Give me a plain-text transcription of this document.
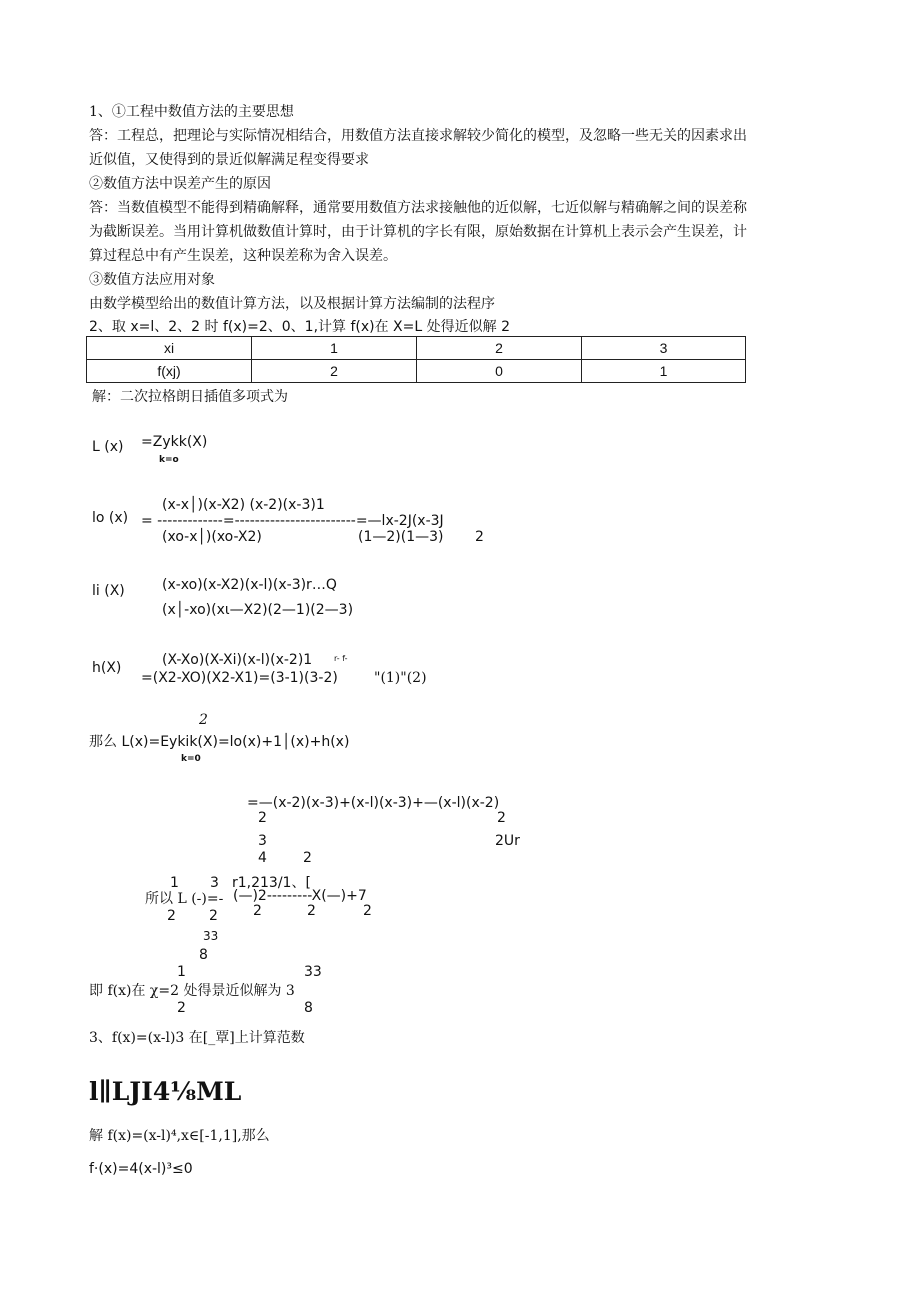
1、①工程中数值方法的主要思想
答：工程总，把理论与实际情况相结合，用数值方法直接求解较少简化的模型，及忽略一些无关的因素求出
近似值，又使得到的景近似解满足程变得要求
②数值方法中误差产生的原因
答：当数值模型不能得到精确解释，通常要用数值方法求接触他的近似解，七近似解与精确解之间的误差称
为截断误差。当用计算机做数值计算时，由于计算机的字长有限，原始数据在计算机上表示会产生误差，计
算过程总中有产生误差，这种误差称为舍入误差。
③数值方法应用对象
由数学模型给出的数值计算方法，以及根据计算方法编制的法程序
2、取 x=l、2、2 时 f(x)=2、0、1,计算 f(x)在 X=L 处得近似解 2
xi	1	2	3
f(xj)	2	0	1
解：二次拉格朗日插值多项式为
L (x) =Zykk(X)
k=o
lo (x)
(x-x│)(x-X2) (x-2)(x-3)1
= -------------=------------------------=—lx-2J(x-3J
(xo-x│)(xo-X2)	(1—2)(1—3) 2
li (X)	(x-xo)(x-X2)(x-l)(x-3)r…Q
(x│-xo)(xι—X2)(2—1)(2—3)
h(X)	(X-Xo)(X-Xi)(x-l)(x-2)1	r- f-
=(X2-XO)(X2-X1)=(3-1)(3-2)	"(1)"(2)
2
那么 L(x)=Eykik(X)=lo(x)+1│(x)+h(x)
k=0
=—(x-2)(x-3)+(x-l)(x-3)+—(x-l)(x-2)
2	2
3	2Ur
4	2
1 3 r1,213/1、[
所以 L (-)=- (—)2---------X(—)+7
2 2	2	2	2
33
8
1	33
即 f(x)在 χ=2 处得景近似解为 3
2	8
3、f(x)=(x-l)3 在[_覃]上计算范数
l∥LJI4⅛ML
解 f(x)=(x-l)⁴,x∈[-1,1],那么
f·(x)=4(x-l)³≤0
